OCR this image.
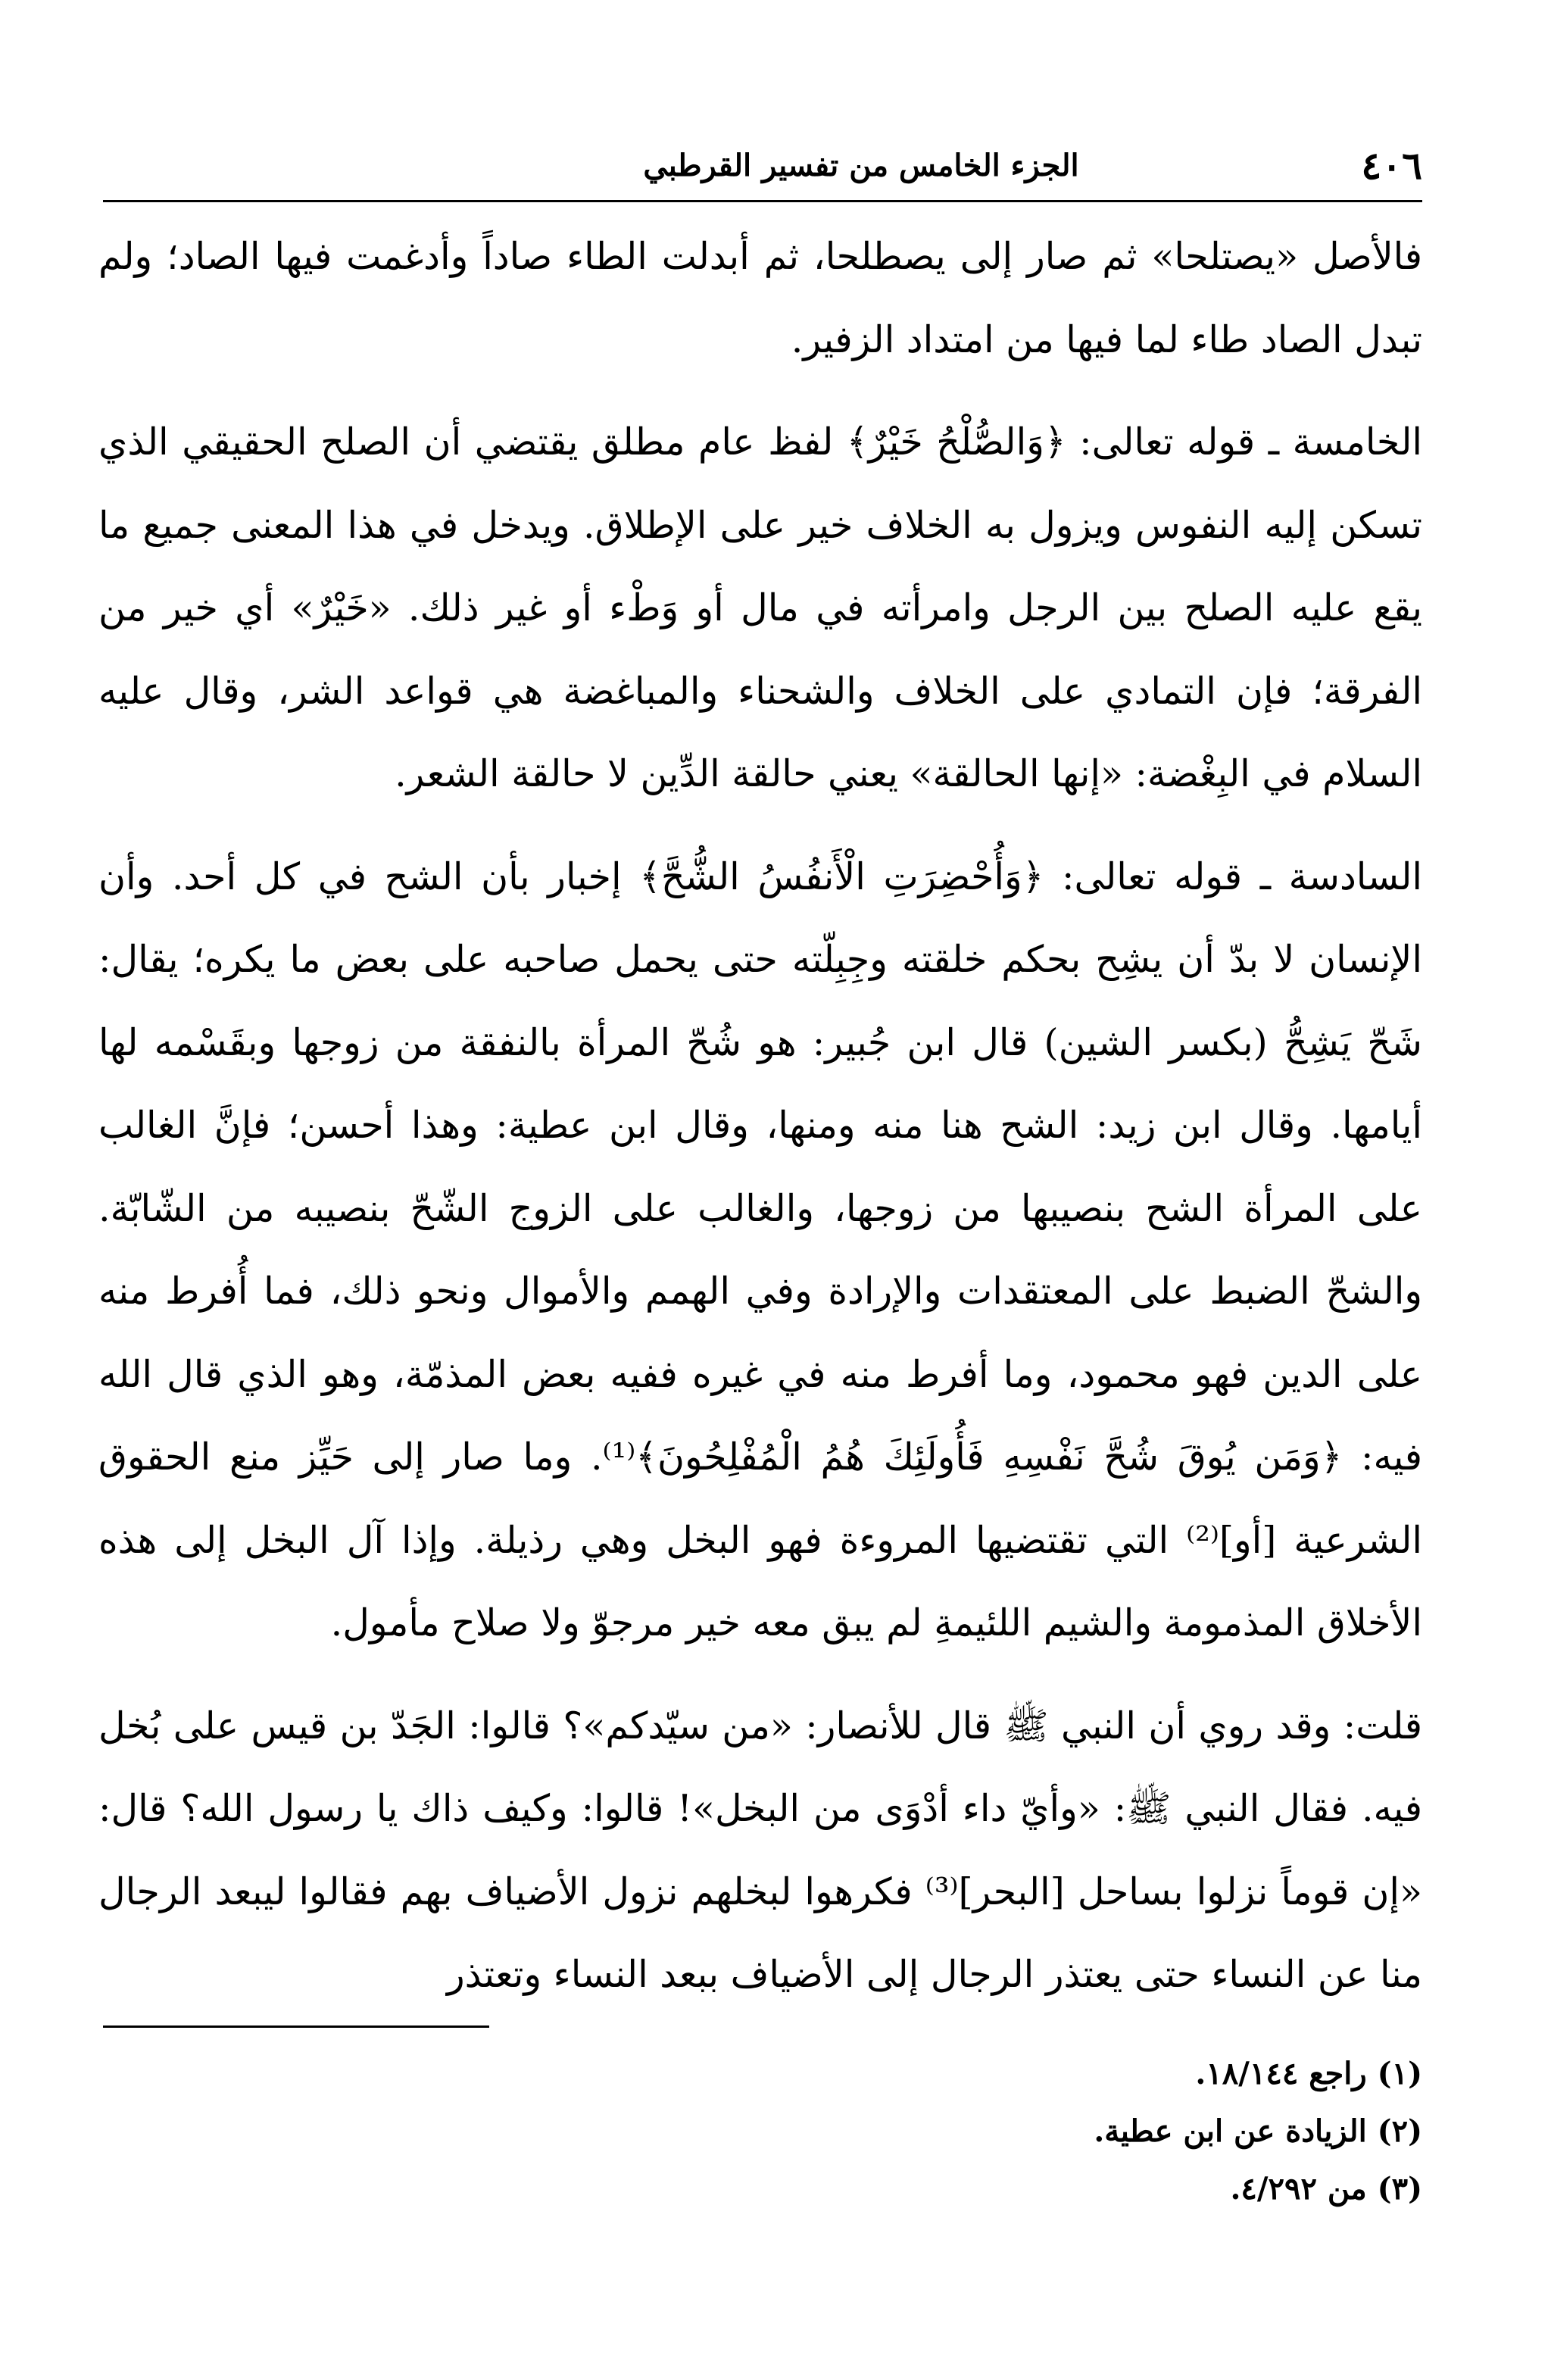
٤٠٦
الجزء الخامس من تفسير القرطبي

فالأصل «يصتلحا» ثم صار إلى يصطلحا، ثم أبدلت الطاء صاداً وأدغمت فيها الصاد؛ ولم تبدل الصاد طاء لما فيها من امتداد الزفير.

الخامسة ـ قوله تعالى: ﴿وَالصُّلْحُ خَيْرٌ﴾ لفظ عام مطلق يقتضي أن الصلح الحقيقي الذي تسكن إليه النفوس ويزول به الخلاف خير على الإطلاق. ويدخل في هذا المعنى جميع ما يقع عليه الصلح بين الرجل وامرأته في مال أو وَطْء أو غير ذلك. «خَيْرٌ» أي خير من الفرقة؛ فإن التمادي على الخلاف والشحناء والمباغضة هي قواعد الشر، وقال عليه السلام في البِغْضة: «إنها الحالقة» يعني حالقة الدِّين لا حالقة الشعر.

السادسة ـ قوله تعالى: ﴿وَأُحْضِرَتِ الْأَنفُسُ الشُّحَّ﴾ إخبار بأن الشح في كل أحد. وأن الإنسان لا بدّ أن يشِح بحكم خلقته وجِبِلّته حتى يحمل صاحبه على بعض ما يكره؛ يقال: شَحّ يَشِحُّ (بكسر الشين) قال ابن جُبير: هو شُحّ المرأة بالنفقة من زوجها وبقَسْمه لها أيامها. وقال ابن زيد: الشح هنا منه ومنها، وقال ابن عطية: وهذا أحسن؛ فإنَّ الغالب على المرأة الشح بنصيبها من زوجها، والغالب على الزوج الشّحّ بنصيبه من الشّابّة. والشحّ الضبط على المعتقدات والإرادة وفي الهمم والأموال ونحو ذلك، فما أُفرط منه على الدين فهو محمود، وما أفرط منه في غيره ففيه بعض المذمّة، وهو الذي قال الله فيه: ﴿وَمَن يُوقَ شُحَّ نَفْسِهِ فَأُولَئِكَ هُمُ الْمُفْلِحُونَ﴾⁽¹⁾. وما صار إلى حَيِّز منع الحقوق الشرعية [أو]⁽²⁾ التي تقتضيها المروءة فهو البخل وهي رذيلة. وإذا آل البخل إلى هذه الأخلاق المذمومة والشيم اللئيمةِ لم يبق معه خير مرجوّ ولا صلاح مأمول.

قلت: وقد روي أن النبي ﷺ قال للأنصار: «من سيّدكم»؟ قالوا: الجَدّ بن قيس على بُخل فيه. فقال النبي ﷺ: «وأيّ داء أدْوَى من البخل»! قالوا: وكيف ذاك يا رسول الله؟ قال: «إن قوماً نزلوا بساحل [البحر]⁽³⁾ فكرهوا لبخلهم نزول الأضياف بهم فقالوا ليبعد الرجال منا عن النساء حتى يعتذر الرجال إلى الأضياف ببعد النساء وتعتذر

(١) راجع ١٨/١٤٤.
(٢) الزيادة عن ابن عطية.
(٣) من ٤/٢٩٢.
